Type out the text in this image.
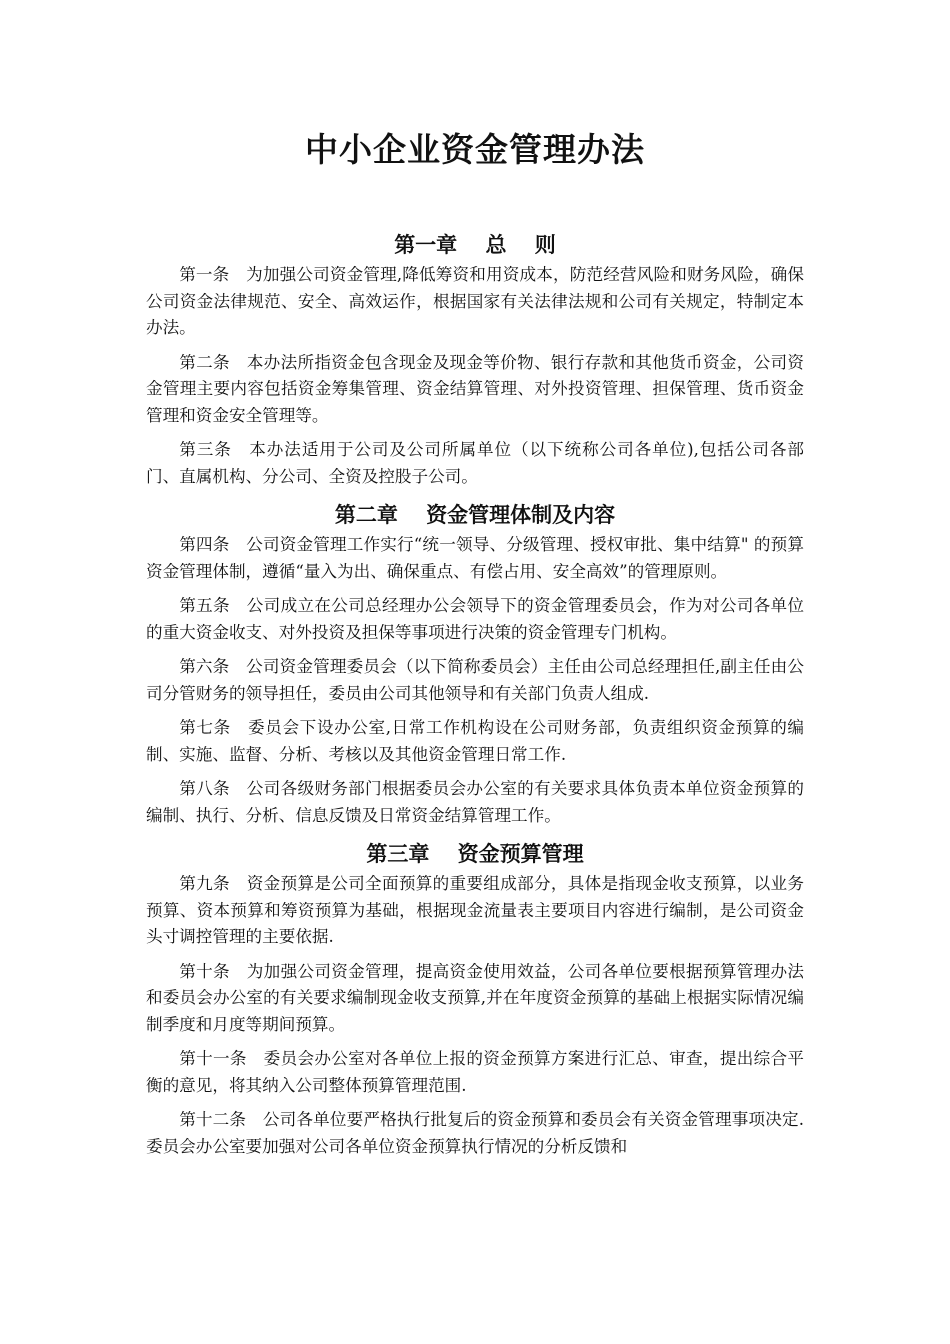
中小企业资金管理办法
第一章　 总　 则

第一条　为加强公司资金管理,降低筹资和用资成本，防范经营风险和财务风险，确保公司资金法律规范、安全、高效运作，根据国家有关法律法规和公司有关规定，特制定本办法。

第二条　本办法所指资金包含现金及现金等价物、银行存款和其他货币资金，公司资金管理主要内容包括资金筹集管理、资金结算管理、对外投资管理、担保管理、货币资金管理和资金安全管理等。

第三条　本办法适用于公司及公司所属单位（以下统称公司各单位),包括公司各部门、直属机构、分公司、全资及控股子公司。

第二章　 资金管理体制及内容

第四条　公司资金管理工作实行“统一领导、分级管理、授权审批、集中结算" 的预算资金管理体制，遵循“量入为出、确保重点、有偿占用、安全高效”的管理原则。

第五条　公司成立在公司总经理办公会领导下的资金管理委员会，作为对公司各单位的重大资金收支、对外投资及担保等事项进行决策的资金管理专门机构。

第六条　公司资金管理委员会（以下简称委员会）主任由公司总经理担任,副主任由公司分管财务的领导担任，委员由公司其他领导和有关部门负责人组成.

第七条　委员会下设办公室,日常工作机构设在公司财务部，负责组织资金预算的编制、实施、监督、分析、考核以及其他资金管理日常工作.

第八条　公司各级财务部门根据委员会办公室的有关要求具体负责本单位资金预算的编制、执行、分析、信息反馈及日常资金结算管理工作。

第三章　 资金预算管理

第九条　资金预算是公司全面预算的重要组成部分，具体是指现金收支预算，以业务预算、资本预算和筹资预算为基础，根据现金流量表主要项目内容进行编制，是公司资金头寸调控管理的主要依据.

第十条　为加强公司资金管理，提高资金使用效益，公司各单位要根据预算管理办法和委员会办公室的有关要求编制现金收支预算,并在年度资金预算的基础上根据实际情况编制季度和月度等期间预算。

第十一条　委员会办公室对各单位上报的资金预算方案进行汇总、审查，提出综合平衡的意见，将其纳入公司整体预算管理范围.

第十二条　公司各单位要严格执行批复后的资金预算和委员会有关资金管理事项决定.委员会办公室要加强对公司各单位资金预算执行情况的分析反馈和
